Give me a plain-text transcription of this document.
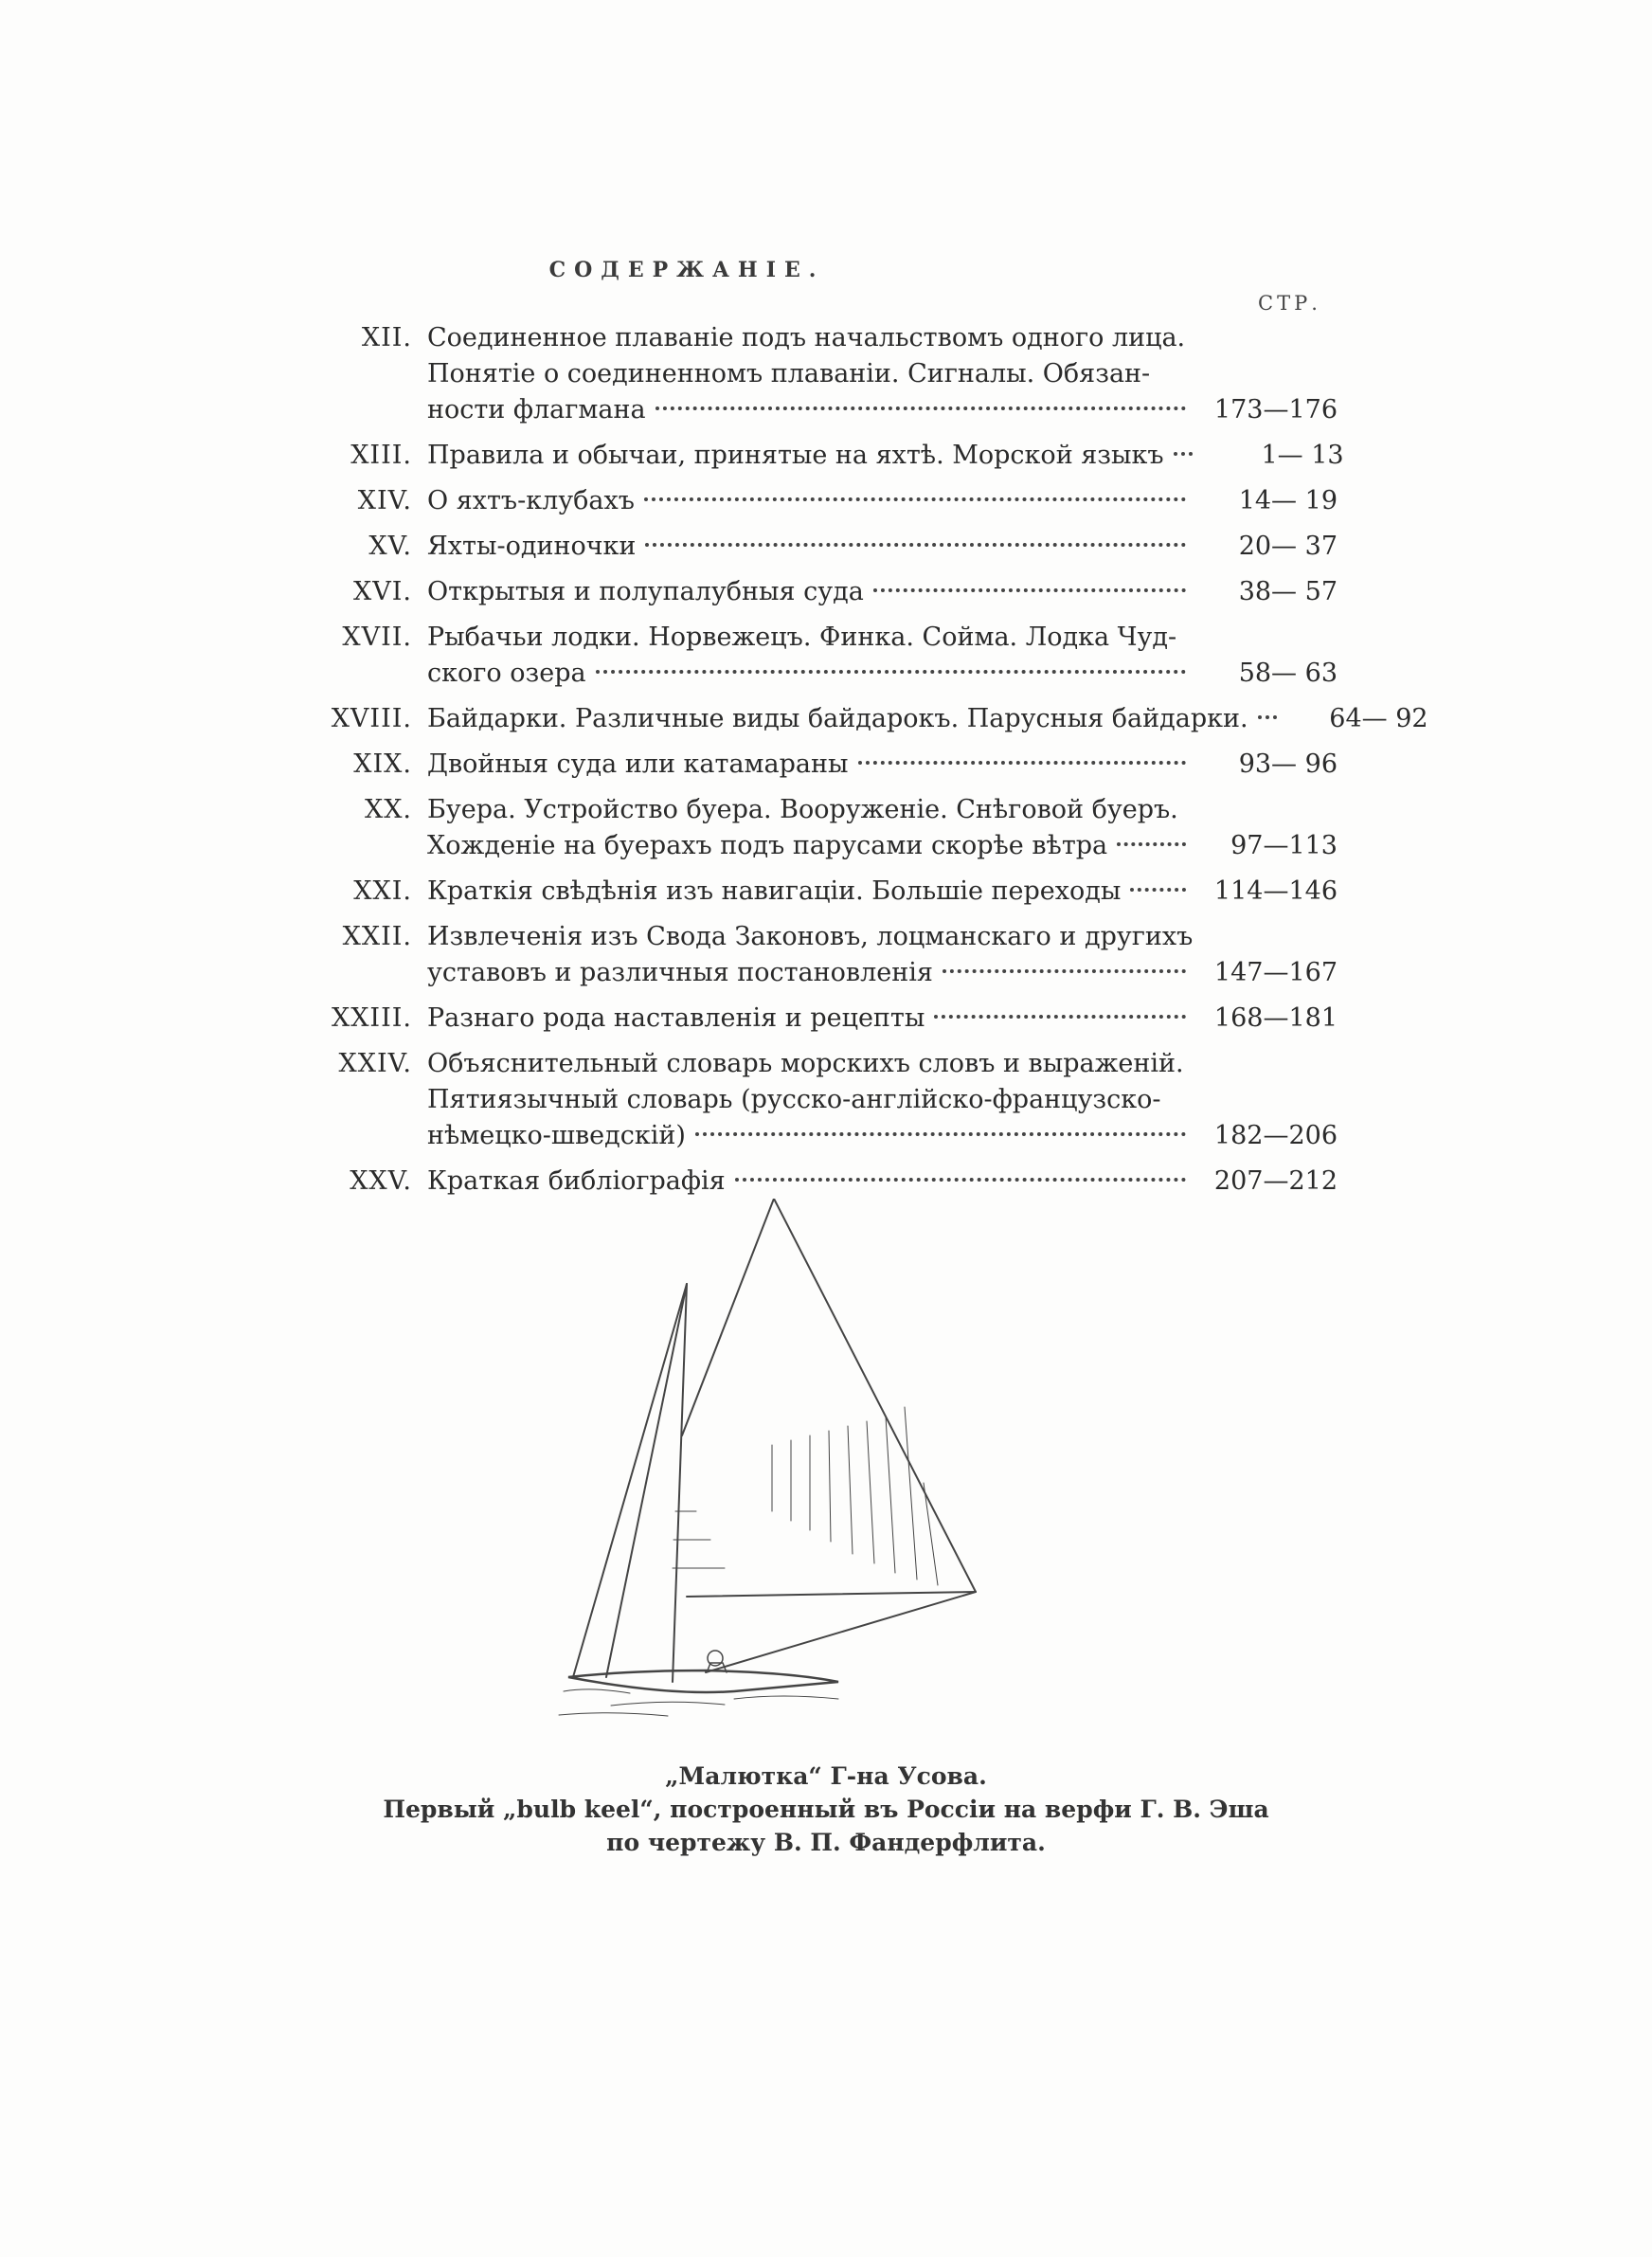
СОДЕРЖАНІЕ.
СТР.
XII. Соединенное плаваніе подъ начальствомъ одного лица.
Понятіе о соединенномъ плаваніи. Сигналы. Обязан-
ности флагмана	173—176
XIII. Правила и обычаи, принятые на яхтѣ. Морской языкъ	1— 13
XIV. О яхтъ-клубахъ	14— 19
XV. Яхты-одиночки	20— 37
XVI. Открытыя и полупалубныя суда	38— 57
XVII. Рыбачьи лодки. Норвежецъ. Финка. Сойма. Лодка Чуд-
ского озера	58— 63
XVIII. Байдарки. Различные виды байдарокъ. Парусныя байдарки.	64— 92
XIX. Двойныя суда или катамараны	93— 96
XX. Буера. Устройство буера. Вооруженіе. Снѣговой буеръ.
Хожденіе на буерахъ подъ парусами скорѣе вѣтра	97—113
XXI. Краткія свѣдѣнія изъ навигаціи. Большіе переходы	114—146
XXII. Извлеченія изъ Свода Законовъ, лоцманскаго и другихъ
уставовъ и различныя постановленія	147—167
XXIII. Разнаго рода наставленія и рецепты	168—181
XXIV. Объяснительный словарь морскихъ словъ и выраженій.
Пятиязычный словарь (русско-англійско-французско-
нѣмецко-шведскій)	182—206
XXV. Краткая библіографія	207—212
„Малютка“ Г-на Усова.
Первый „bulb keel“, построенный въ Россіи на верфи Г. В. Эша
по чертежу В. П. Фандерфлита.
